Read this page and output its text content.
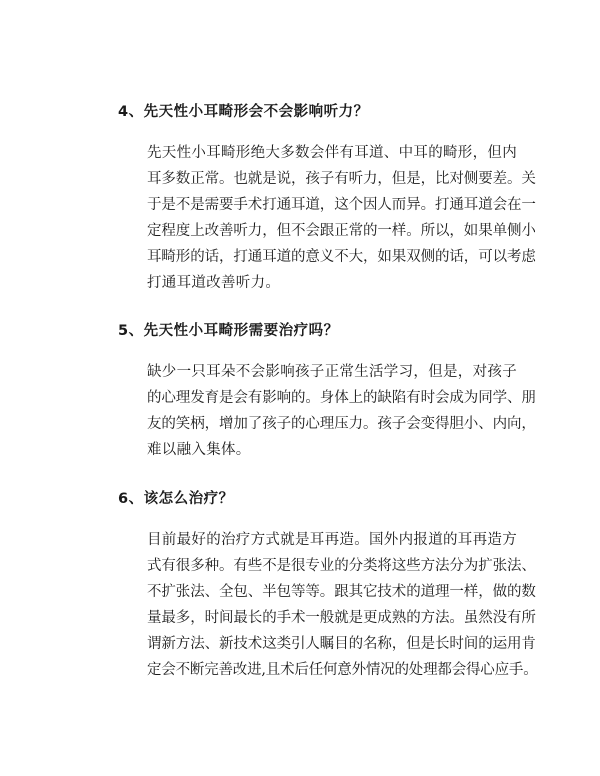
4、先天性小耳畸形会不会影响听力？

先天性小耳畸形绝大多数会伴有耳道、中耳的畸形，但内
耳多数正常。也就是说，孩子有听力，但是，比对侧要差。关
于是不是需要手术打通耳道，这个因人而异。打通耳道会在一
定程度上改善听力，但不会跟正常的一样。所以，如果单侧小
耳畸形的话，打通耳道的意义不大，如果双侧的话，可以考虑
打通耳道改善听力。

5、先天性小耳畸形需要治疗吗？

缺少一只耳朵不会影响孩子正常生活学习，但是，对孩子
的心理发育是会有影响的。身体上的缺陷有时会成为同学、朋
友的笑柄，增加了孩子的心理压力。孩子会变得胆小、内向，
难以融入集体。

6、该怎么治疗？

目前最好的治疗方式就是耳再造。国外内报道的耳再造方
式有很多种。有些不是很专业的分类将这些方法分为扩张法、
不扩张法、全包、半包等等。跟其它技术的道理一样，做的数
量最多，时间最长的手术一般就是更成熟的方法。虽然没有所
谓新方法、新技术这类引人瞩目的名称，但是长时间的运用肯
定会不断完善改进,且术后任何意外情况的处理都会得心应手。
